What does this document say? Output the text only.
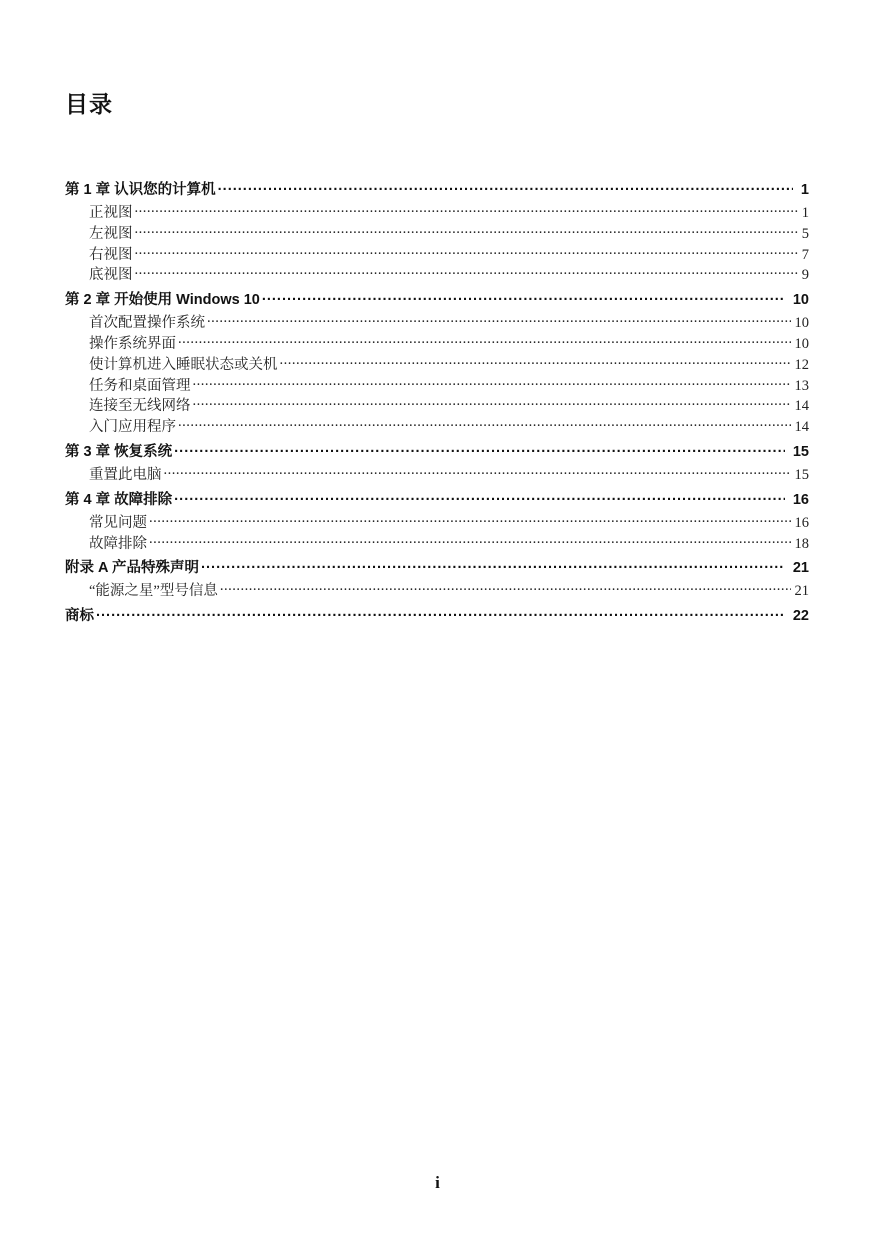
目录
第 1 章 认识您的计算机 .....	1
正视图 .....	1
左视图 .....	5
右视图 .....	7
底视图 .....	9
第 2 章 开始使用 Windows 10 .....	10
首次配置操作系统 .....	10
操作系统界面 .....	10
使计算机进入睡眠状态或关机 .....	12
任务和桌面管理 .....	13
连接至无线网络 .....	14
入门应用程序 .....	14
第 3 章 恢复系统 .....	15
重置此电脑 .....	15
第 4 章 故障排除 .....	16
常见问题 .....	16
故障排除 .....	18
附录 A 产品特殊声明 .....	21
“能源之星”型号信息 .....	21
商标 .....	22
i
